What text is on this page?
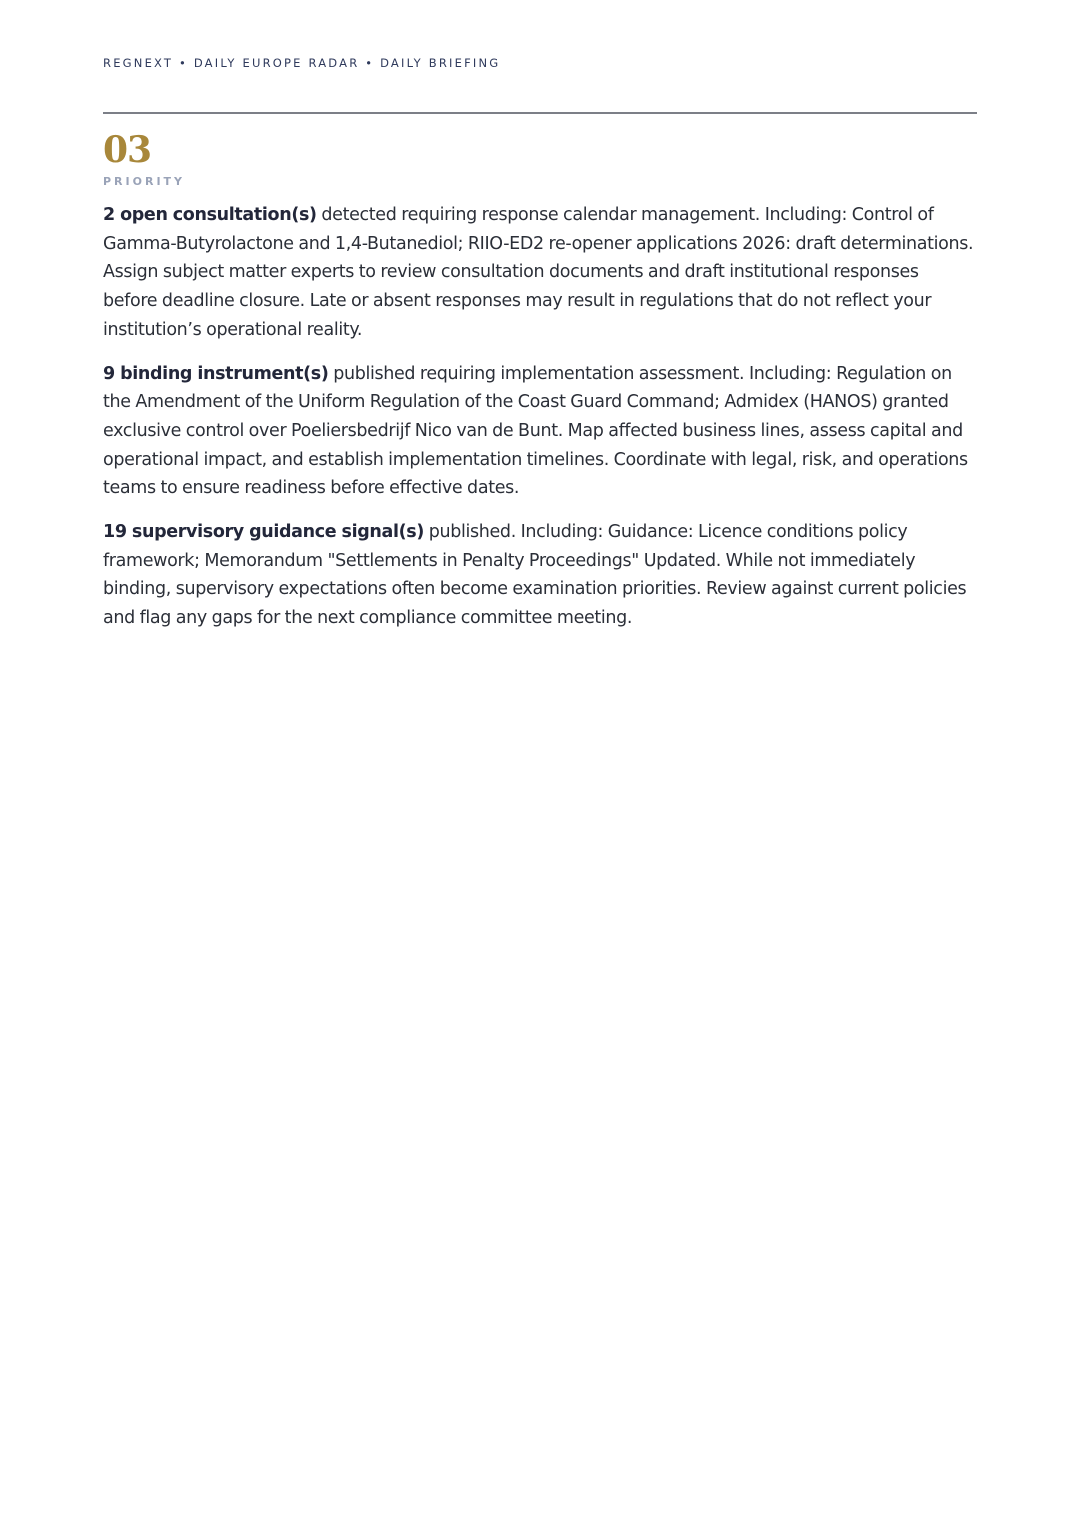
REGNEXT • DAILY EUROPE RADAR • DAILY BRIEFING
03
PRIORITY

2 open consultation(s) detected requiring response calendar management. Including: Control of Gamma-Butyrolactone and 1,4-Butanediol; RIIO-ED2 re-opener applications 2026: draft determinations. Assign subject matter experts to review consultation documents and draft institutional responses before deadline closure. Late or absent responses may result in regulations that do not reflect your institution’s operational reality.

9 binding instrument(s) published requiring implementation assessment. Including: Regulation on the Amendment of the Uniform Regulation of the Coast Guard Command; Admidex (HANOS) granted exclusive control over Poeliersbedrijf Nico van de Bunt. Map affected business lines, assess capital and operational impact, and establish implementation timelines. Coordinate with legal, risk, and operations teams to ensure readiness before effective dates.

19 supervisory guidance signal(s) published. Including: Guidance: Licence conditions policy framework; Memorandum "Settlements in Penalty Proceedings" Updated. While not immediately binding, supervisory expectations often become examination priorities. Review against current policies and flag any gaps for the next compliance committee meeting.
